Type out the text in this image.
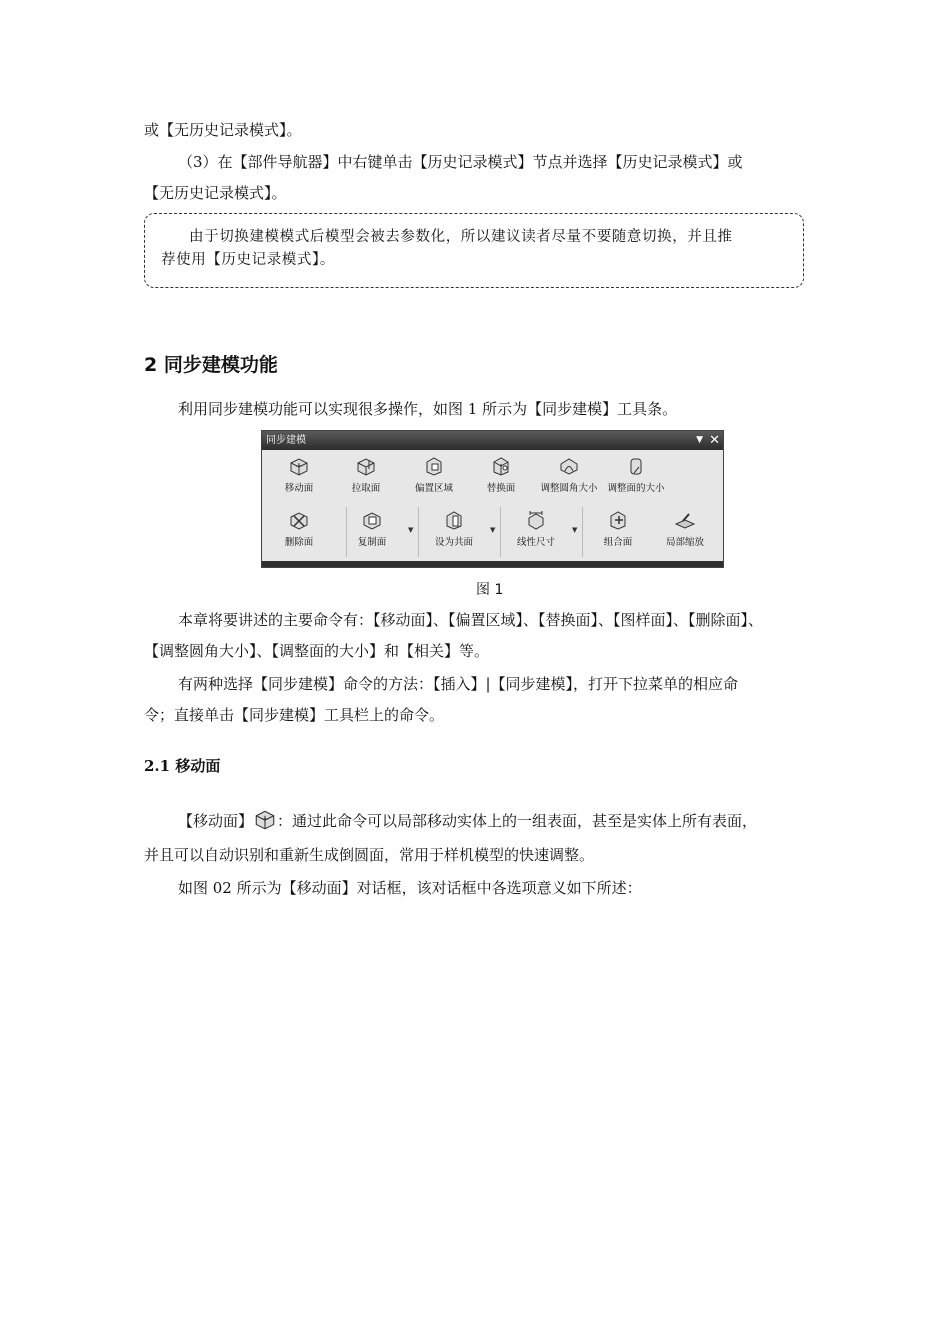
或【无历史记录模式】。
（3）在【部件导航器】中右键单击【历史记录模式】节点并选择【历史记录模式】或
【无历史记录模式】。
由于切换建模模式后模型会被去参数化，所以建议读者尽量不要随意切换，并且推
荐使用【历史记录模式】。
2 同步建模功能
利用同步建模功能可以实现很多操作，如图 1 所示为【同步建模】工具条。
同步建模	▼ ✕
移动面	拉取面	偏置区域	替换面	调整圆角大小	调整面的大小
删除面	复制面
▼
设为共面
▼
线性尺寸
▼
组合面	局部缩放
图 1
本章将要讲述的主要命令有：【移动面】、【偏置区域】、【替换面】、【图样面】、【删除面】、
【调整圆角大小】、【调整面的大小】和【相关】等。
有两种选择【同步建模】命令的方法：【插入】|【同步建模】，打开下拉菜单的相应命
令；直接单击【同步建模】工具栏上的命令。
2.1 移动面
【移动面】 ：通过此命令可以局部移动实体上的一组表面，甚至是实体上所有表面，
并且可以自动识别和重新生成倒圆面，常用于样机模型的快速调整。
如图 02 所示为【移动面】对话框，该对话框中各选项意义如下所述：
